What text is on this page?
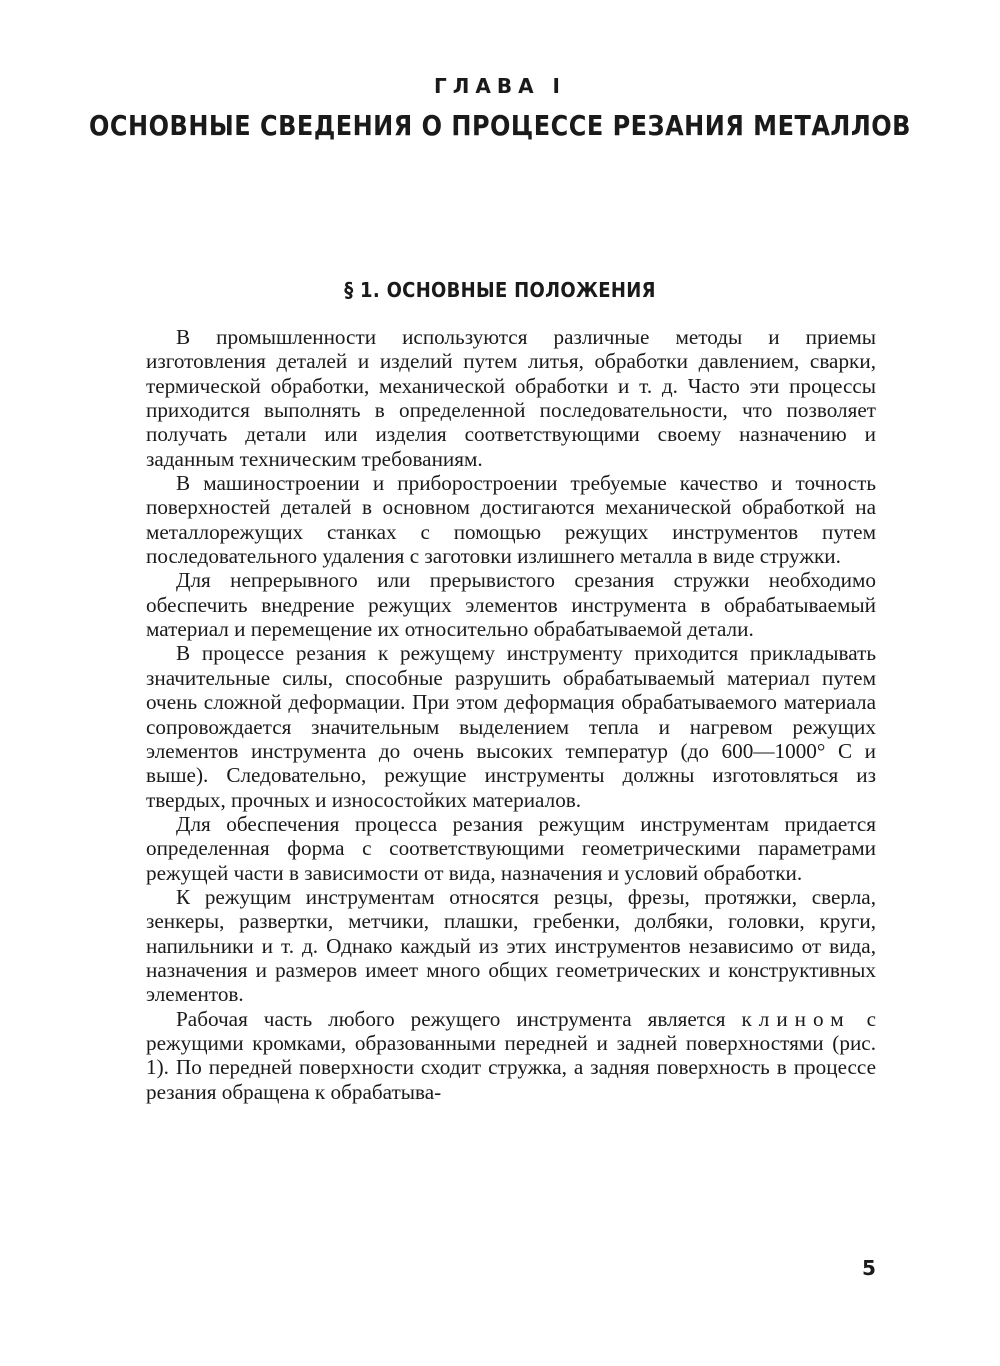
ГЛАВА I
ОСНОВНЫЕ СВЕДЕНИЯ О ПРОЦЕССЕ РЕЗАНИЯ МЕТАЛЛОВ
§ 1. ОСНОВНЫЕ ПОЛОЖЕНИЯ

В промышленности используются различные методы и приемы изготовления деталей и изделий путем литья, обработки давлением, сварки, термической обработки, механической обработки и т. д. Часто эти процессы приходится выполнять в определенной последовательности, что позволяет получать детали или изделия соответствующими своему назначению и заданным техническим требованиям.

В машиностроении и приборостроении требуемые качество и точность поверхностей деталей в основном достигаются механической обработкой на металлорежущих станках с помощью режущих инструментов путем последовательного удаления с заготовки излишнего металла в виде стружки.

Для непрерывного или прерывистого срезания стружки необходимо обеспечить внедрение режущих элементов инструмента в обрабатываемый материал и перемещение их относительно обрабатываемой детали.

В процессе резания к режущему инструменту приходится прикладывать значительные силы, способные разрушить обрабатываемый материал путем очень сложной деформации. При этом деформация обрабатываемого материала сопровождается значительным выделением тепла и нагревом режущих элементов инструмента до очень высоких температур (до 600—1000° С и выше). Следовательно, режущие инструменты должны изготовляться из твердых, прочных и износостойких материалов.

Для обеспечения процесса резания режущим инструментам придается определенная форма с соответствующими геометрическими параметрами режущей части в зависимости от вида, назначения и условий обработки.

К режущим инструментам относятся резцы, фрезы, протяжки, сверла, зенкеры, развертки, метчики, плашки, гребенки, долбяки, головки, круги, напильники и т. д. Однако каждый из этих инструментов независимо от вида, назначения и размеров имеет много общих геометрических и конструктивных элементов.

Рабочая часть любого режущего инструмента является клином с режущими кромками, образованными передней и задней поверхностями (рис. 1). По передней поверхности сходит стружка, а задняя поверхность в процессе резания обращена к обрабатыва-

5
